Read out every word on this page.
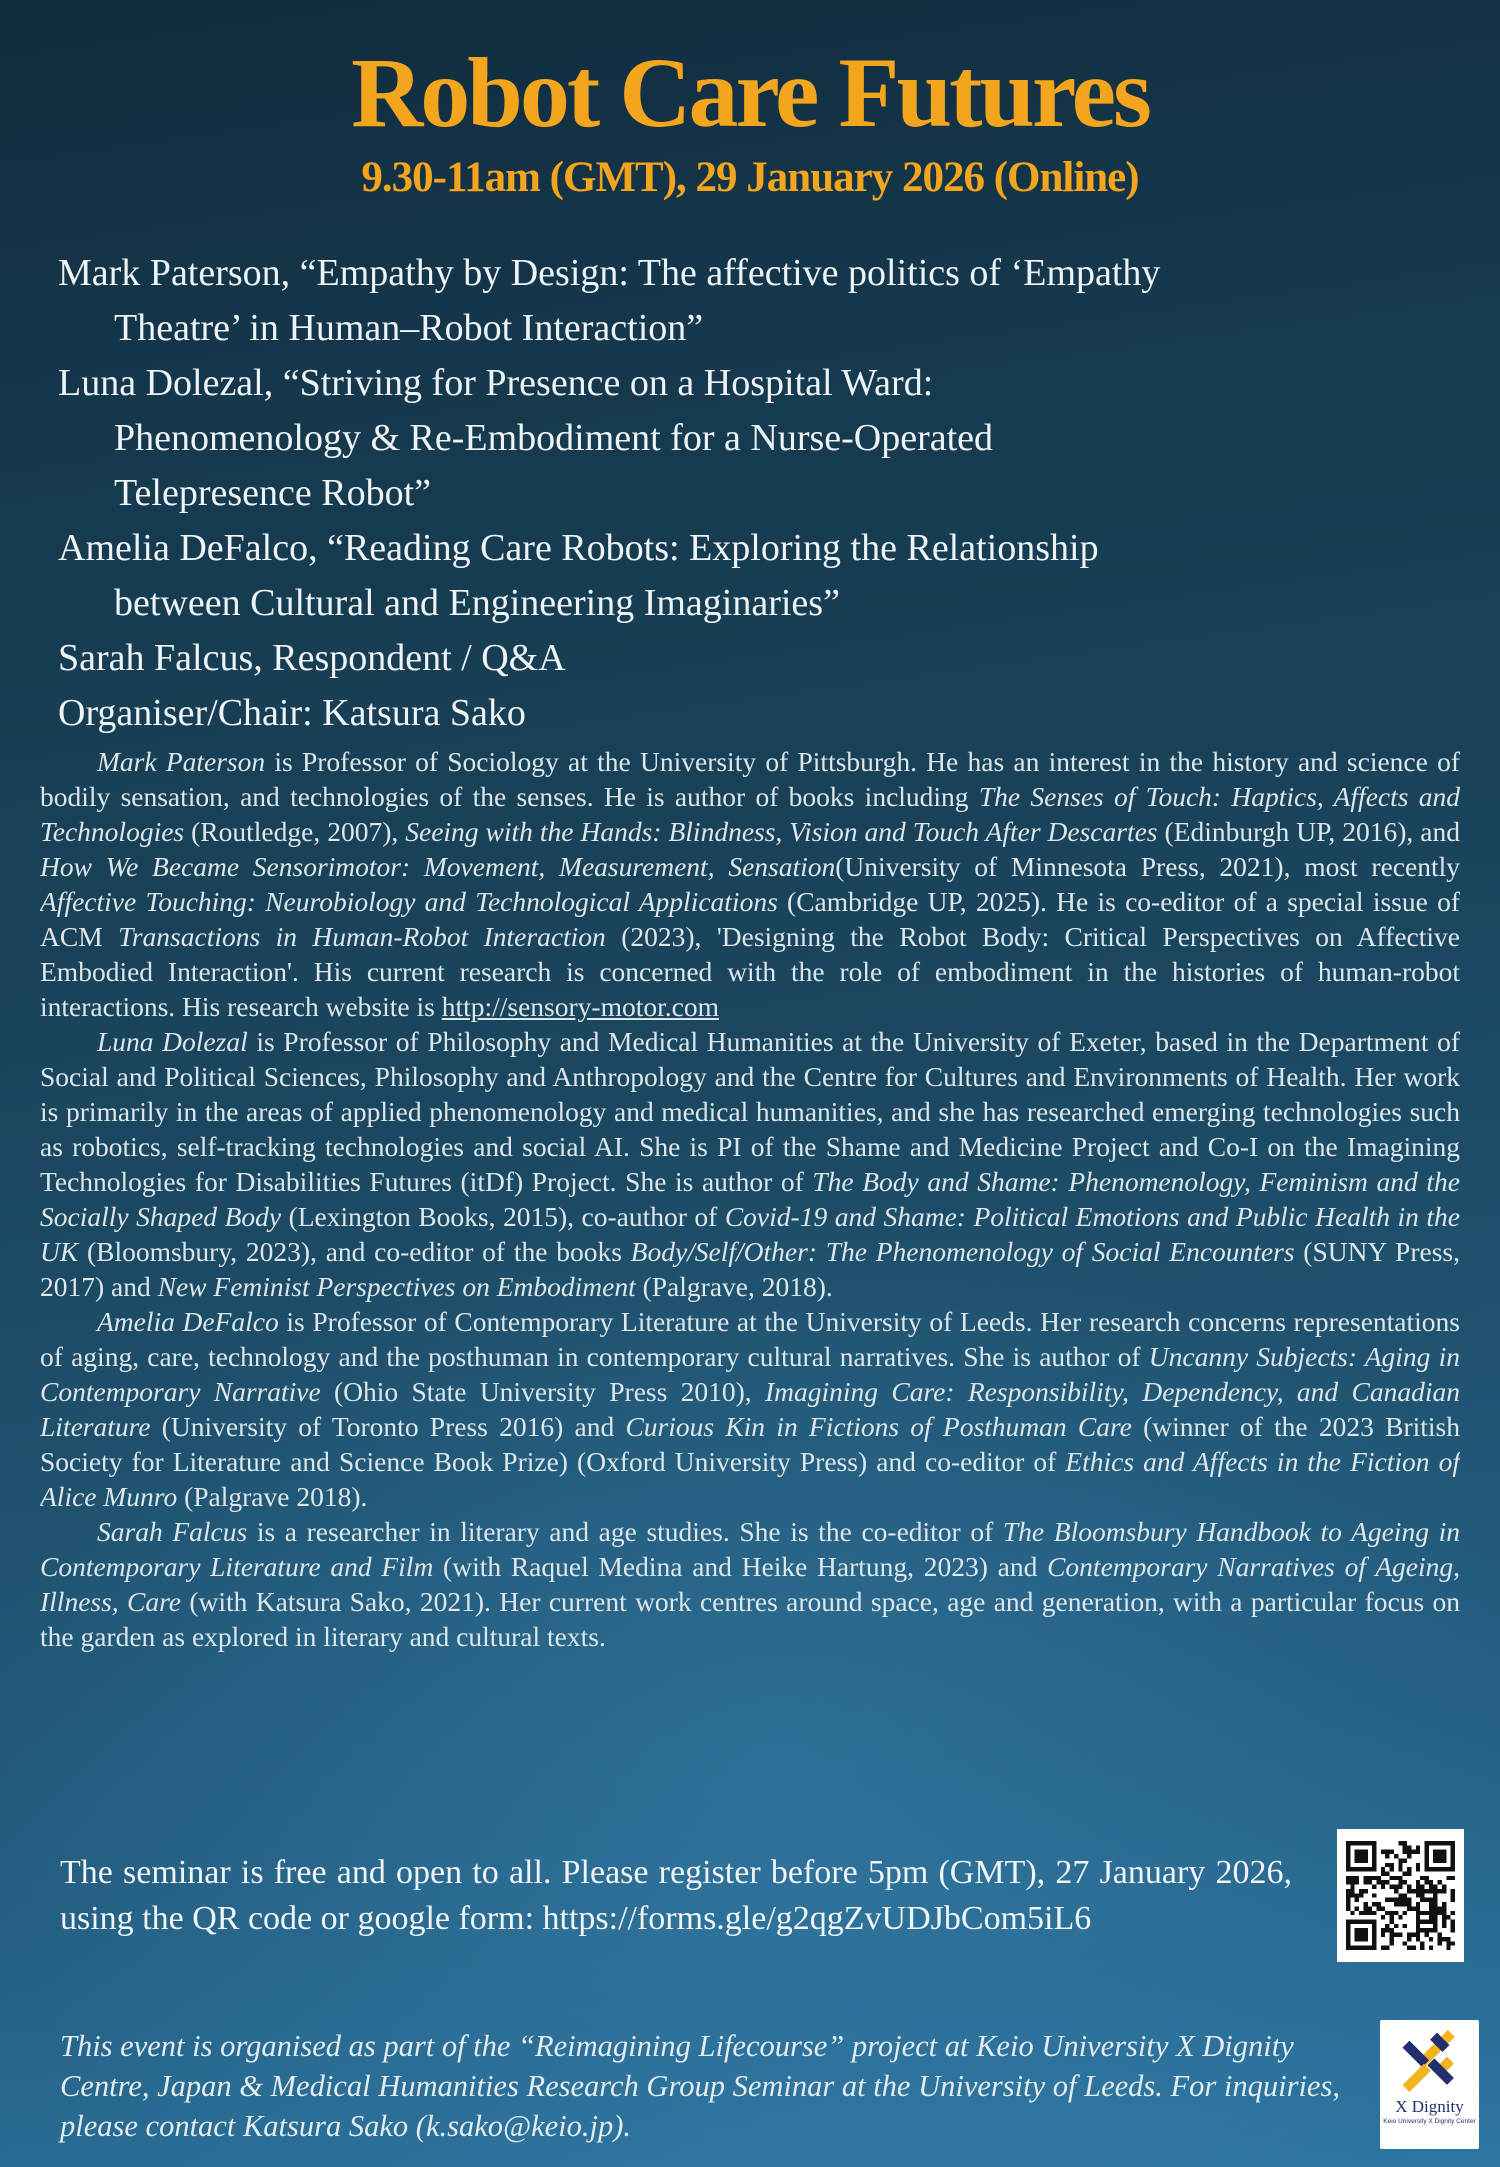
Robot Care Futures
9.30-11am (GMT), 29 January 2026 (Online)
Mark Paterson, “Empathy by Design: The affective politics of ‘Empathy
Theatre’ in Human–Robot Interaction”
Luna Dolezal, “Striving for Presence on a Hospital Ward:
Phenomenology & Re-Embodiment for a Nurse-Operated
Telepresence Robot”
Amelia DeFalco, “Reading Care Robots: Exploring the Relationship
between Cultural and Engineering Imaginaries”
Sarah Falcus, Respondent / Q&A
Organiser/Chair: Katsura Sako

Mark Paterson is Professor of Sociology at the University of Pittsburgh. He has an interest in the history and science of bodily sensation, and technologies of the senses. He is author of books including The Senses of Touch: Haptics, Affects and Technologies (Routledge, 2007), Seeing with the Hands: Blindness, Vision and Touch After Descartes (Edinburgh UP, 2016), and How We Became Sensorimotor: Movement, Measurement, Sensation(University of Minnesota Press, 2021), most recently Affective Touching: Neurobiology and Technological Applications (Cambridge UP, 2025). He is co-editor of a special issue of ACM Transactions in Human-Robot Interaction (2023), 'Designing the Robot Body: Critical Perspectives on Affective Embodied Interaction'. His current research is concerned with the role of embodiment in the histories of human-robot interactions. His research website is http://sensory-motor.com

Luna Dolezal is Professor of Philosophy and Medical Humanities at the University of Exeter, based in the Department of Social and Political Sciences, Philosophy and Anthropology and the Centre for Cultures and Environments of Health. Her work is primarily in the areas of applied phenomenology and medical humanities, and she has researched emerging technologies such as robotics, self-tracking technologies and social AI. She is PI of the Shame and Medicine Project and Co-I on the Imagining Technologies for Disabilities Futures (itDf) Project. She is author of The Body and Shame: Phenomenology, Feminism and the Socially Shaped Body (Lexington Books, 2015), co-author of Covid-19 and Shame: Political Emotions and Public Health in the UK (Bloomsbury, 2023), and co-editor of the books Body/Self/Other: The Phenomenology of Social Encounters (SUNY Press, 2017) and New Feminist Perspectives on Embodiment (Palgrave, 2018).

Amelia DeFalco is Professor of Contemporary Literature at the University of Leeds. Her research concerns representations of aging, care, technology and the posthuman in contemporary cultural narratives. She is author of Uncanny Subjects: Aging in Contemporary Narrative (Ohio State University Press 2010), Imagining Care: Responsibility, Dependency, and Canadian Literature (University of Toronto Press 2016) and Curious Kin in Fictions of Posthuman Care (winner of the 2023 British Society for Literature and Science Book Prize) (Oxford University Press) and co-editor of Ethics and Affects in the Fiction of Alice Munro (Palgrave 2018).

Sarah Falcus is a researcher in literary and age studies. She is the co-editor of The Bloomsbury Handbook to Ageing in Contemporary Literature and Film (with Raquel Medina and Heike Hartung, 2023) and Contemporary Narratives of Ageing, Illness, Care (with Katsura Sako, 2021). Her current work centres around space, age and generation, with a particular focus on the garden as explored in literary and cultural texts.

The seminar is free and open to all. Please register before 5pm (GMT), 27 January 2026, using the QR code or google form: https://forms.gle/g2qgZvUDJbCom5iL6
This event is organised as part of the “Reimagining Lifecourse” project at Keio University X Dignity Centre, Japan & Medical Humanities Research Group Seminar at the University of Leeds. For inquiries, please contact Katsura Sako (k.sako@keio.jp).
X Dignity
Keio University X Dignity Center
